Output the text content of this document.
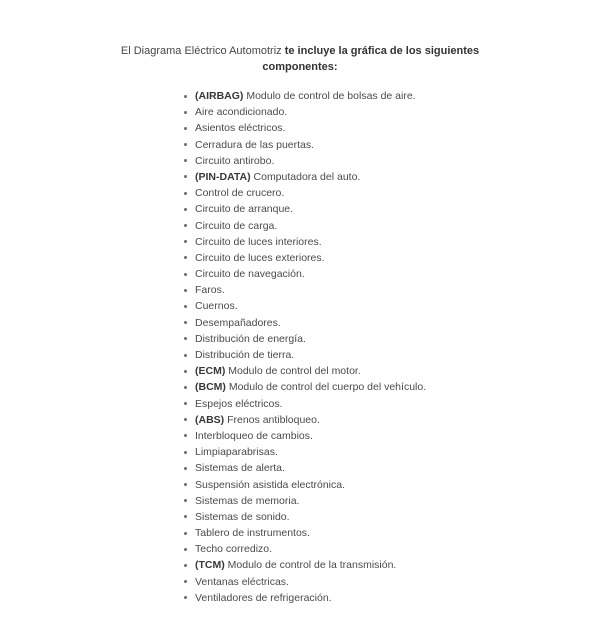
El Diagrama Eléctrico Automotriz te incluye la gráfica de los siguientes componentes:

(AIRBAG) Modulo de control de bolsas de aire.
Aire acondicionado.
Asientos eléctricos.
Cerradura de las puertas.
Circuito antirobo.
(PIN-DATA) Computadora del auto.
Control de crucero.
Circuito de arranque.
Circuito de carga.
Circuito de luces interiores.
Circuito de luces exteriores.
Circuito de navegación.
Faros.
Cuernos.
Desempañadores.
Distribución de energía.
Distribución de tierra.
(ECM) Modulo de control del motor.
(BCM) Modulo de control del cuerpo del vehículo.
Espejos eléctricos.
(ABS) Frenos antibloqueo.
Interbloqueo de cambios.
Limpiaparabrisas.
Sistemas de alerta.
Suspensión asistida electrónica.
Sistemas de memoria.
Sistemas de sonido.
Tablero de instrumentos.
Techo corredizo.
(TCM) Modulo de control de la transmisión.
Ventanas eléctricas.
Ventiladores de refrigeración.
